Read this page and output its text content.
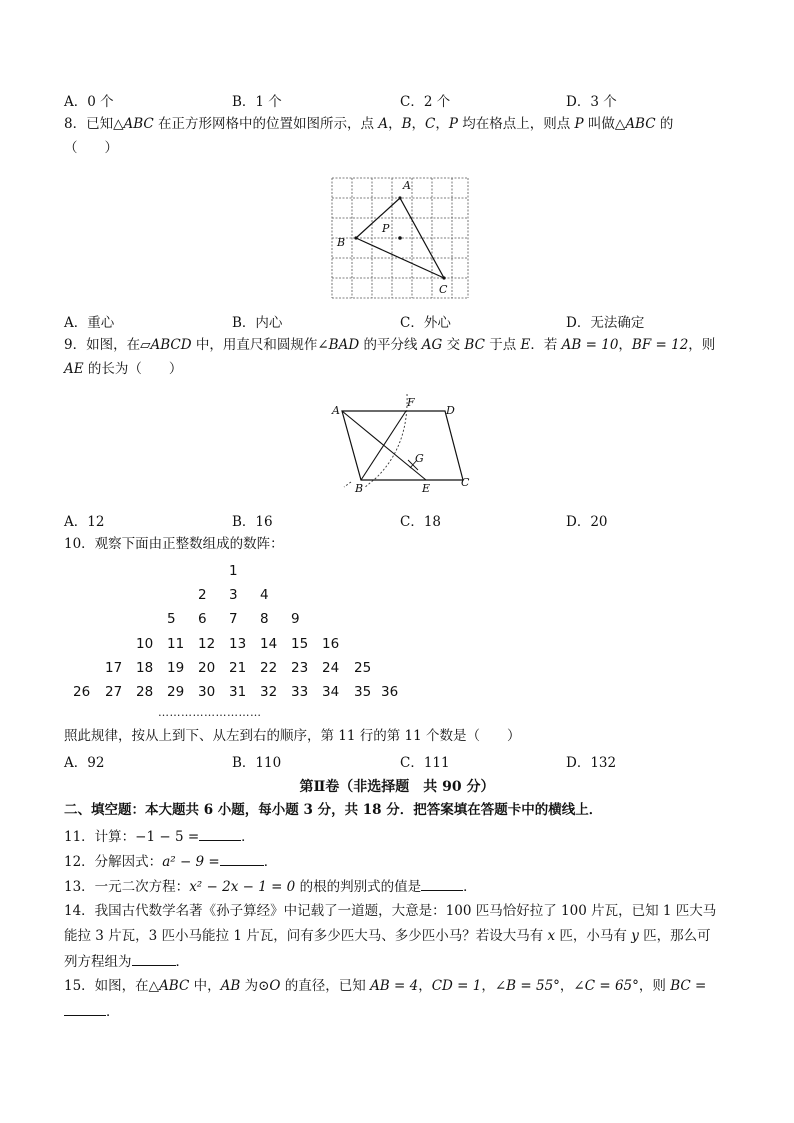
A．0 个	B．1 个	C．2 个	D．3 个
8．已知△ABC 在正方形网格中的位置如图所示，点 A，B，C，P 均在格点上，则点 P 叫做△ABC 的
（　　）
A
B
C
P
A．重心	B．内心	C．外心	D．无法确定
9．如图，在▱ABCD 中，用直尺和圆规作∠BAD 的平分线 AG 交 BC 于点 E．若 AB = 10，BF = 12，则
AE 的长为（　　）
A
F
D
G
B	E	C
A．12	B．16	C．18	D．20
10．观察下面由正整数组成的数阵：
1
2 3 4
5 6 7 8 9
10 11 12 13 14 15 16
17 18 19 20 21 22 23 24 25
26 27 28 29 30 31 32 33 34 35 36
………………………
照此规律，按从上到下、从左到右的顺序，第 11 行的第 11 个数是（　　）
A．92	B．110	C．111	D．132
第Ⅱ卷（非选择题　共 90 分）
二、填空题：本大题共 6 小题，每小题 3 分，共 18 分．把答案填在答题卡中的横线上．
11．计算：−1 − 5 =	．
12．分解因式：a² − 9 =	．
13．一元二次方程：x² − 2x − 1 = 0 的根的判别式的值是	．
14．我国古代数学名著《孙子算经》中记载了一道题，大意是：100 匹马恰好拉了 100 片瓦，已知 1 匹大马
能拉 3 片瓦，3 匹小马能拉 1 片瓦，问有多少匹大马、多少匹小马？若设大马有 x 匹，小马有 y 匹，那么可
列方程组为	．
15．如图，在△ABC 中，AB 为⊙O 的直径，已知 AB = 4，CD = 1，∠B = 55°，∠C = 65°，则 BC =
．
